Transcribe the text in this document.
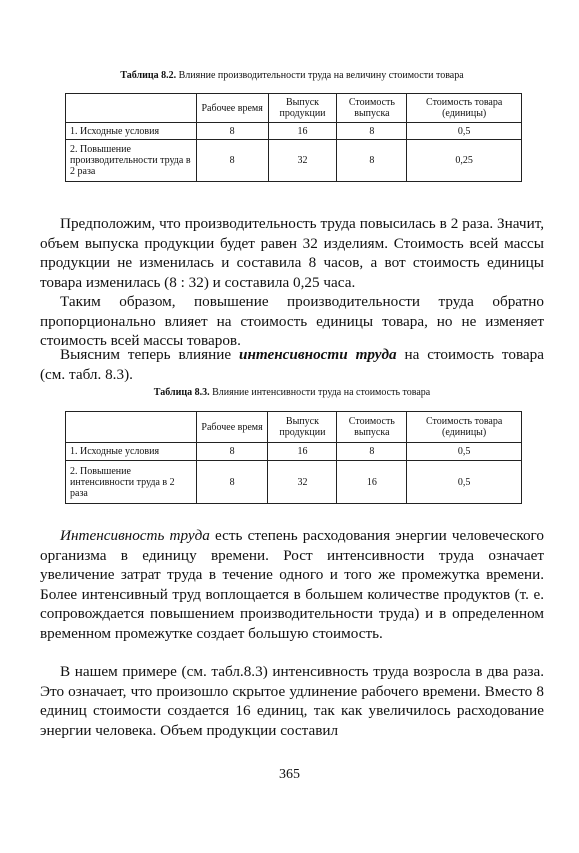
Таблица 8.2. Влияние производительности труда на величину стоимости товара
	Рабочее время	Выпуск продукции	Стоимость выпуска	Стоимость товара (единицы)
1. Исходные условия	8	16	8	0,5
2. Повышение производительности труда в 2 раза	8	32	8	0,25

Предположим, что производительность труда повысилась в 2 раза. Значит, объем выпуска продукции будет равен 32 изделиям. Стоимость всей массы продукции не изменилась и составила 8 часов, а вот стоимость единицы товара изменилась (8 : 32) и составила 0,25 часа.

Таким образом, повышение производительности труда обратно пропорционально влияет на стоимость единицы товара, но не изменяет стоимость всей массы товаров.

Выясним теперь влияние интенсивности труда на стоимость товара (см. табл. 8.3).

Таблица 8.3. Влияние интенсивности труда на стоимость товара
	Рабочее время	Выпуск продукции	Стоимость выпуска	Стоимость товара (единицы)
1. Исходные условия	8	16	8	0,5
2. Повышение интенсивности труда в 2 раза	8	32	16	0,5

Интенсивность труда есть степень расходования энергии человеческого организма в единицу времени. Рост интенсивности труда означает увеличение затрат труда в течение одного и того же промежутка времени. Более интенсивный труд воплощается в большем количестве продуктов (т. е. сопровождается повышением производительности труда) и в определенном временном промежутке создает большую стоимость.

В нашем примере (см. табл.8.3) интенсивность труда возросла в два раза. Это означает, что произошло скрытое удлинение рабочего времени. Вместо 8 единиц стоимости создается 16 единиц, так как увеличилось расходование энергии человека. Объем продукции составил

365
